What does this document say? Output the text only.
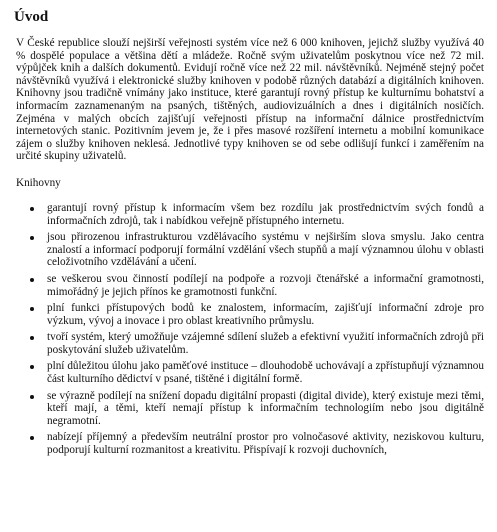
Úvod

V České republice slouží nejširší veřejnosti systém více než 6 000 knihoven, jejichž služby využívá 40 % dospělé populace a většina dětí a mládeže. Ročně svým uživatelům poskytnou více než 72 mil. výpůjček knih a dalších dokumentů. Evidují ročně více než 22 mil. návštěvníků. Nejméně stejný počet návštěvníků využívá i elektronické služby knihoven v podobě různých databází a digitálních knihoven. Knihovny jsou tradičně vnímány jako instituce, které garantují rovný přístup ke kulturnímu bohatství a informacím zaznamenaným na psaných, tištěných, audiovizuálních a dnes i digitálních nosičích. Zejména v malých obcích zajišťují veřejnosti přístup na informační dálnice prostřednictvím internetových stanic. Pozitivním jevem je, že i přes masové rozšíření internetu a mobilní komunikace zájem o služby knihoven neklesá. Jednotlivé typy knihoven se od sebe odlišují funkcí i zaměřením na určité skupiny uživatelů.

Knihovny

garantují rovný přístup k informacím všem bez rozdílu jak prostřednictvím svých fondů a informačních zdrojů, tak i nabídkou veřejně přístupného internetu.
jsou přirozenou infrastrukturou vzdělávacího systému v nejširším slova smyslu. Jako centra znalostí a informací podporují formální vzdělání všech stupňů a mají významnou úlohu v oblasti celoživotního vzdělávání a učení.
se veškerou svou činností podílejí na podpoře a rozvoji čtenářské a informační gramotnosti, mimořádný je jejich přínos ke gramotnosti funkční.
plní funkci přístupových bodů ke znalostem, informacím, zajišťují informační zdroje pro výzkum, vývoj a inovace i pro oblast kreativního průmyslu.
tvoří systém, který umožňuje vzájemné sdílení služeb a efektivní využití informačních zdrojů při poskytování služeb uživatelům.
plní důležitou úlohu jako paměťové instituce – dlouhodobě uchovávají a zpřístupňují významnou část kulturního dědictví v psané, tištěné i digitální formě.
se výrazně podílejí na snížení dopadu digitální propasti (digital divide), který existuje mezi těmi, kteří mají, a těmi, kteří nemají přístup k informačním technologiím nebo jsou digitálně negramotní.
nabízejí příjemný a především neutrální prostor pro volnočasové aktivity, neziskovou kulturu, podporují kulturní rozmanitost a kreativitu. Přispívají k rozvoji duchovních,
